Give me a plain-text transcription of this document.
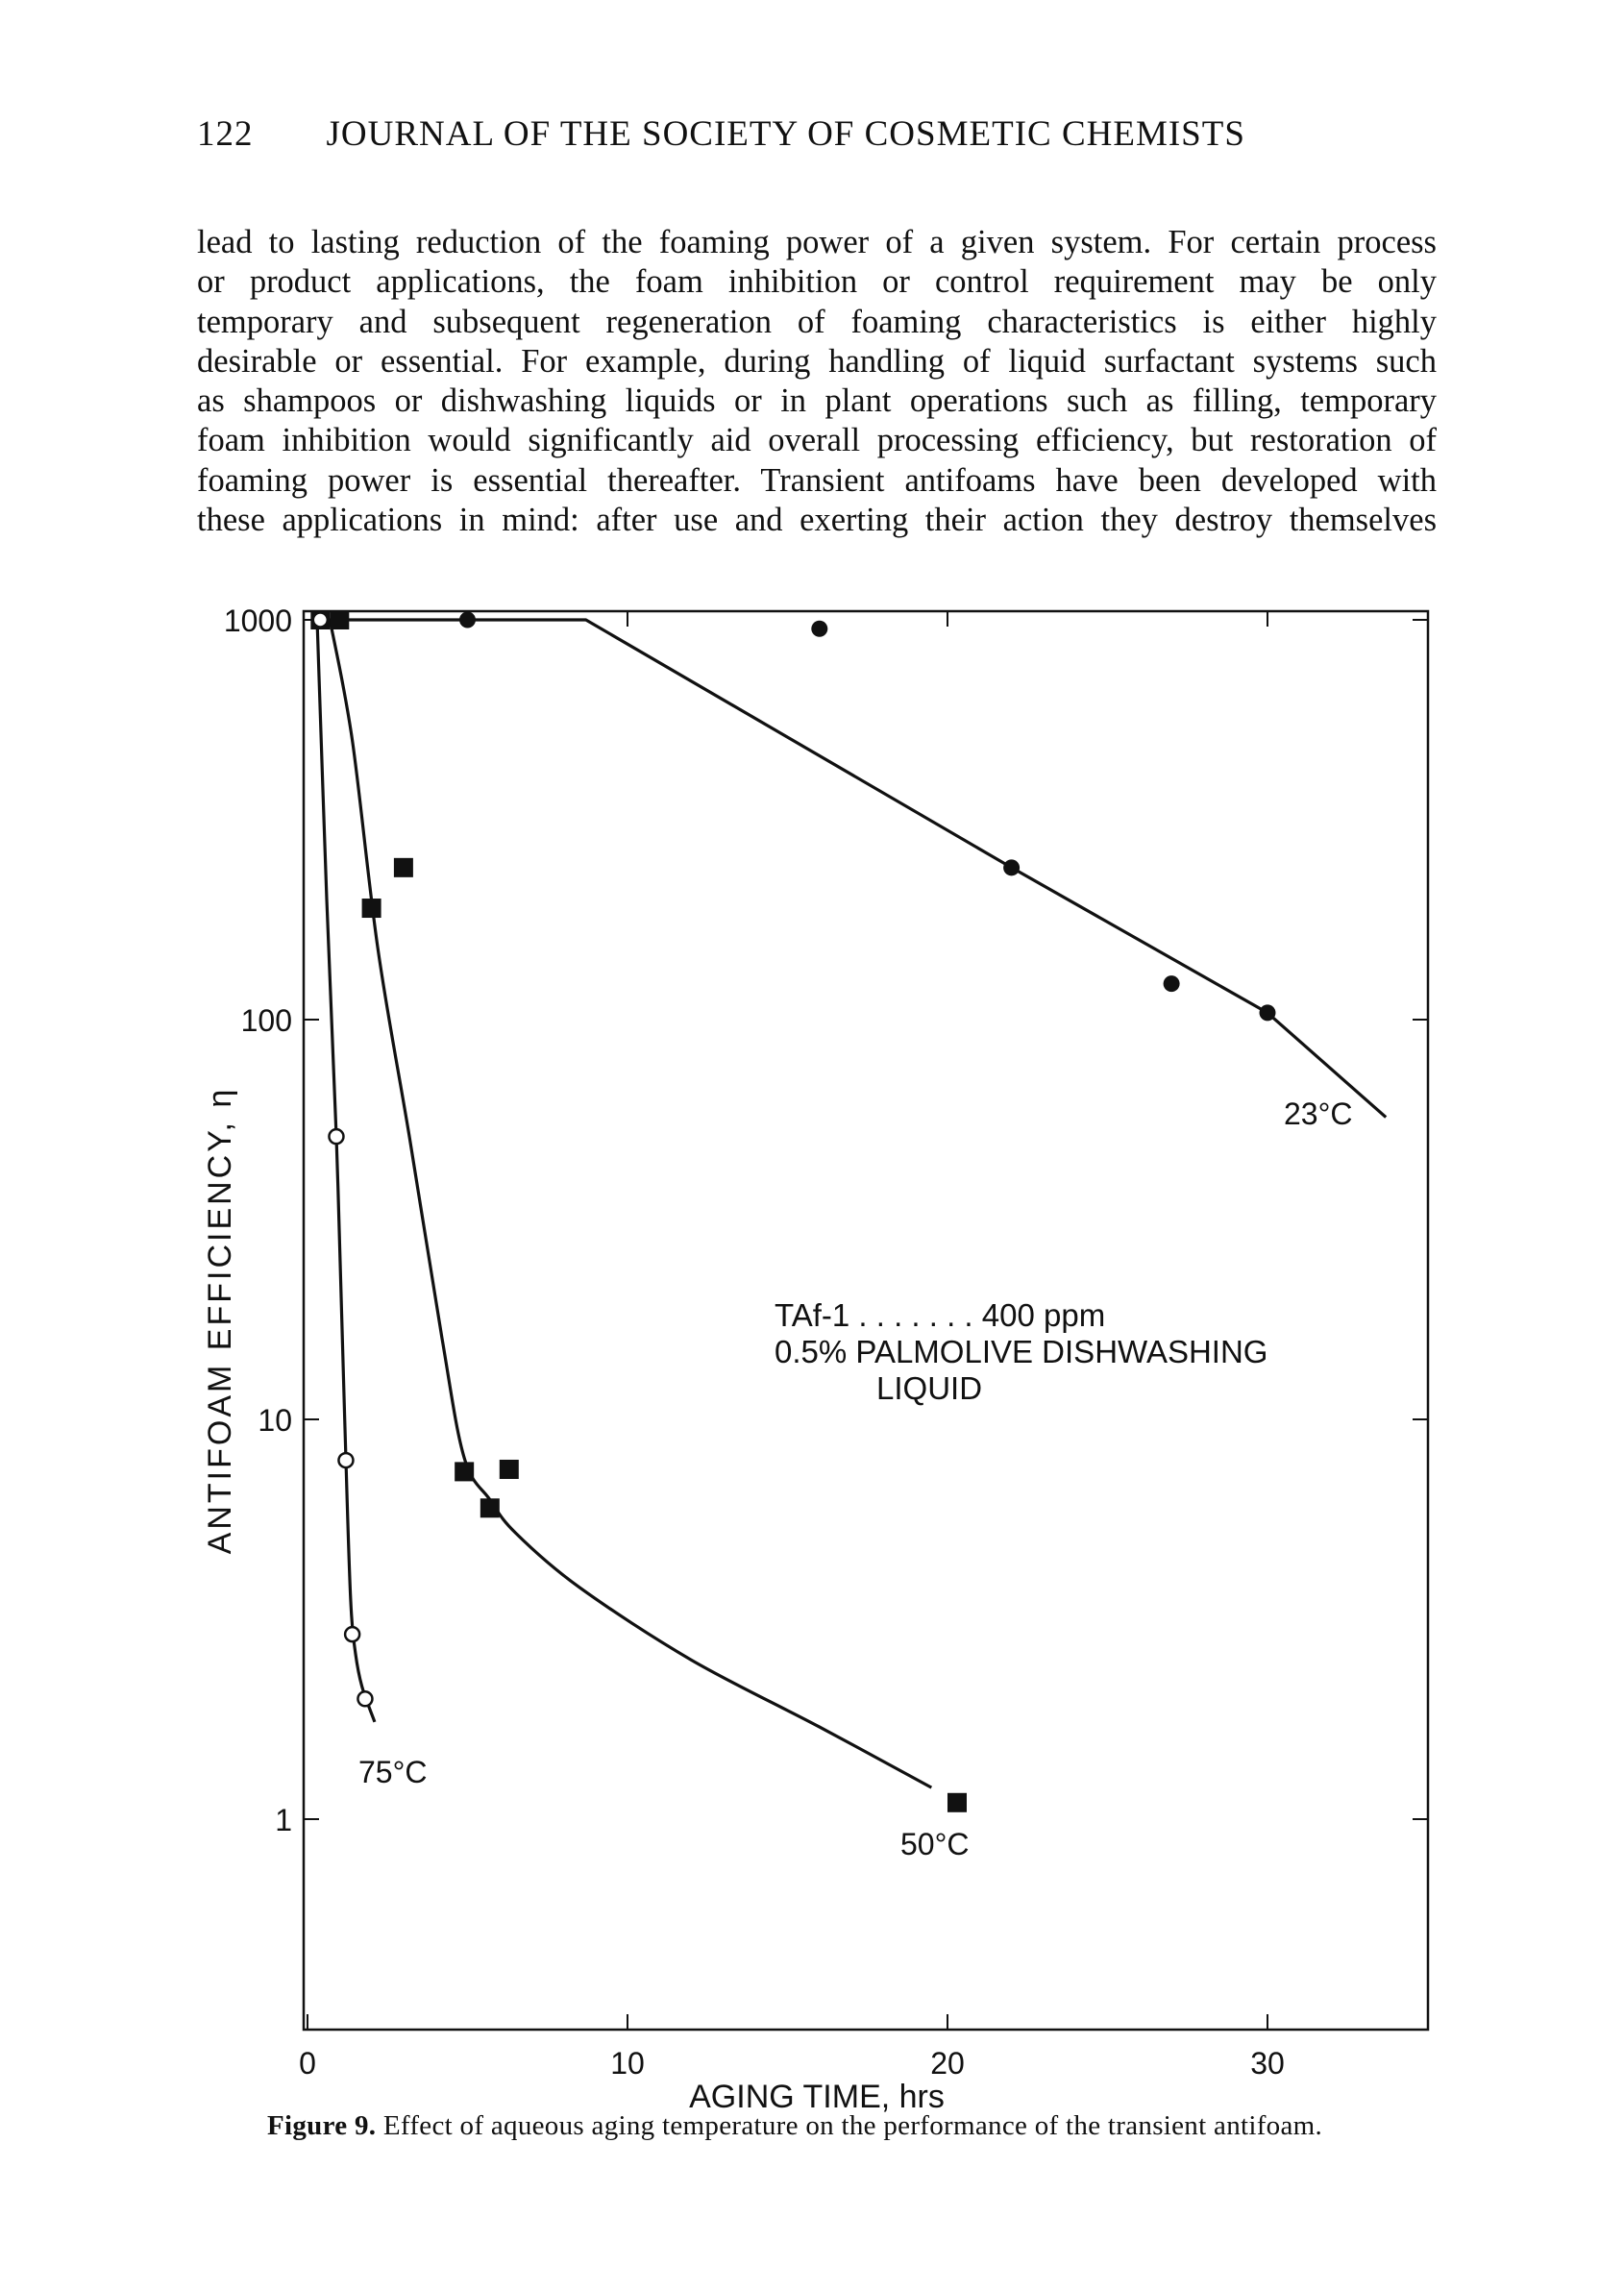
122 JOURNAL OF THE SOCIETY OF COSMETIC CHEMISTS
lead to lasting reduction of the foaming power of a given system. For certain process
or product applications, the foam inhibition or control requirement may be only
temporary and subsequent regeneration of foaming characteristics is either highly
desirable or essential. For example, during handling of liquid surfactant systems such
as shampoos or dishwashing liquids or in plant operations such as filling, temporary
foam inhibition would significantly aid overall processing efficiency, but restoration of
foaming power is essential thereafter. Transient antifoams have been developed with
these applications in mind: after use and exerting their action they destroy themselves
0	10	20	30
1
10
100
1000
AGING TIME, hrs
ANTIFOAM EFFICIENCY, η	TAf-1 . . . . . . . 400 ppm
0.5% PALMOLIVE DISHWASHING
LIQUID
23°C
50°C
75°C
Figure 9. Effect of aqueous aging temperature on the performance of the transient antifoam.
